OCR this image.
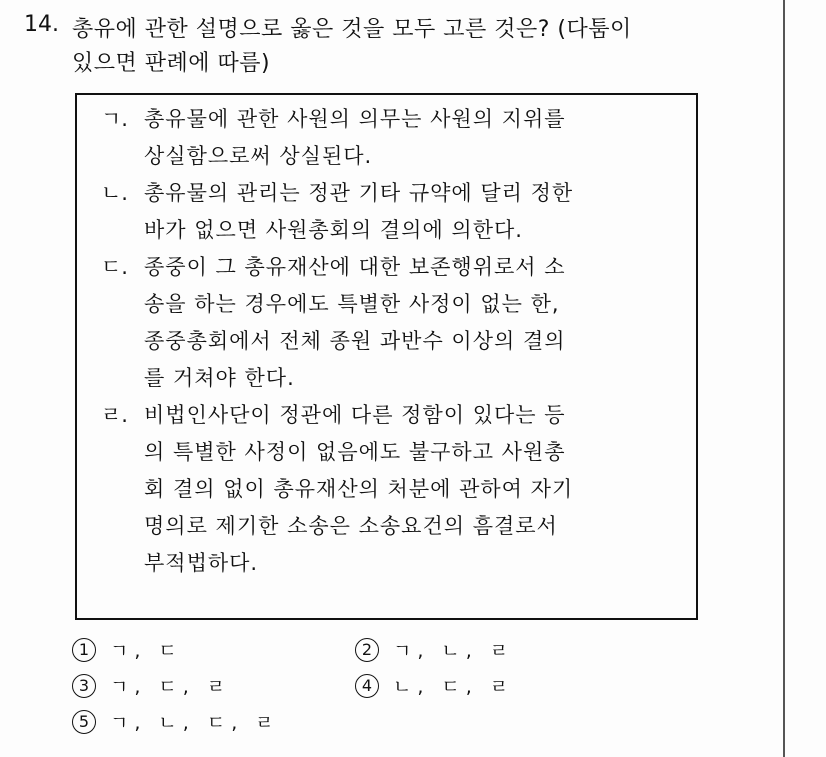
14. 총유에 관한 설명으로 옳은 것을 모두 고른 것은? (다툼이
있으면 판례에 따름)
ㄱ. 총유물에 관한 사원의 의무는 사원의 지위를
상실함으로써 상실된다.
ㄴ. 총유물의 관리는 정관 기타 규약에 달리 정한
바가 없으면 사원총회의 결의에 의한다.
ㄷ. 종중이 그 총유재산에 대한 보존행위로서 소
송을 하는 경우에도 특별한 사정이 없는 한,
종중총회에서 전체 종원 과반수 이상의 결의
를 거쳐야 한다.
ㄹ. 비법인사단이 정관에 다른 정함이 있다는 등
의 특별한 사정이 없음에도 불구하고 사원총
회 결의 없이 총유재산의 처분에 관하여 자기
명의로 제기한 소송은 소송요건의 흠결로서
부적법하다.
1 ㄱ, ㄷ	2 ㄱ, ㄴ, ㄹ
3 ㄱ, ㄷ, ㄹ	4 ㄴ, ㄷ, ㄹ
5 ㄱ, ㄴ, ㄷ, ㄹ
